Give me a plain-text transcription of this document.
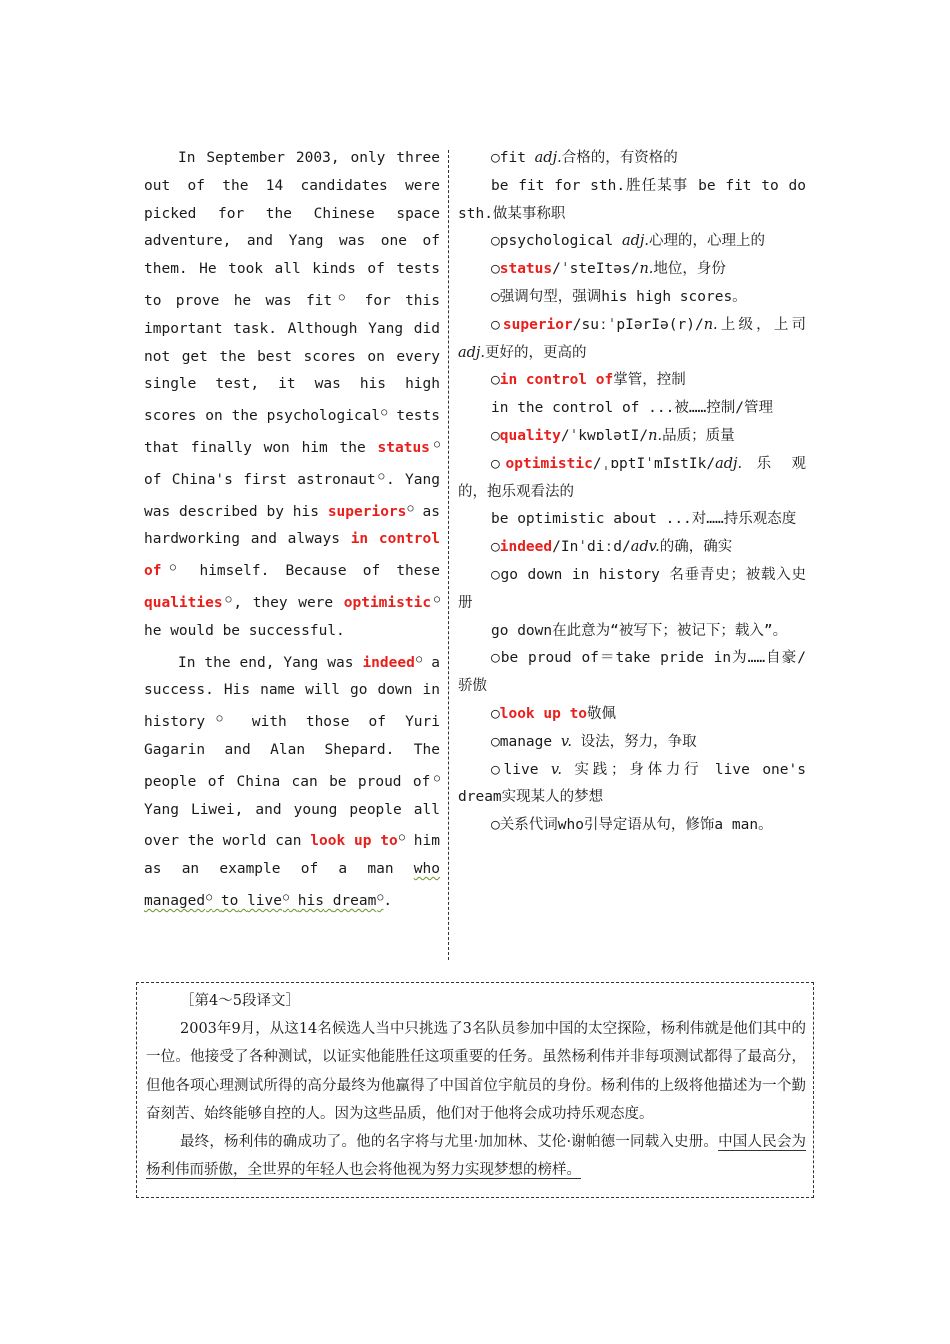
In September 2003, only three out of the 14 candidates were picked for the Chinese space adventure, and Yang was one of them. He took all kinds of tests to prove he was fit○ for this important task. Although Yang did not get the best scores on every single test, it was his high scores on the psychological○ tests that finally won him the status○ of China's first astronaut○. Yang was described by his superiors○ as hardworking and always in control of○ himself. Because of these qualities○, they were optimistic○ he would be successful.

In the end, Yang was indeed○ a success. His name will go down in history○ with those of Yuri Gagarin and Alan Shepard. The people of China can be proud of○ Yang Liwei, and young people all over the world can look up to○ him as an example of a man who managed○ to live○ his dream○.

○fit adj.合格的，有资格的

be fit for sth.胜任某事 be fit to do sth.做某事称职

○psychological adj.心理的，心理上的

○status/ˈsteItəs/n.地位，身份

○强调句型，强调his high scores。

○superior/suːˈpIərIə(r)/n.上级，上司 adj.更好的，更高的

○in control of掌管，控制

in the control of ...被……控制/管理

○quality/ˈkwɒlətI/n.品质；质量

○optimistic/ˌɒptIˈmIstIk/adj. 乐 观的，抱乐观看法的

be optimistic about ...对……持乐观态度

○indeed/Inˈdiːd/adv.的确，确实

○go down in history 名垂青史；被载入史册

go down在此意为“被写下；被记下；载入”。

○be proud of＝take pride in为……自豪/骄傲

○look up to敬佩

○manage v. 设法，努力，争取

○live v. 实践；身体力行 live one's dream实现某人的梦想

○关系代词who引导定语从句，修饰a man。

［第4～5段译文］

2003年9月，从这14名候选人当中只挑选了3名队员参加中国的太空探险，杨利伟就是他们其中的一位。他接受了各种测试，以证实他能胜任这项重要的任务。虽然杨利伟并非每项测试都得了最高分，但他各项心理测试所得的高分最终为他赢得了中国首位宇航员的身份。杨利伟的上级将他描述为一个勤奋刻苦、始终能够自控的人。因为这些品质，他们对于他将会成功持乐观态度。

最终，杨利伟的确成功了。他的名字将与尤里·加加林、艾伦·谢帕德一同载入史册。中国人民会为杨利伟而骄傲，全世界的年轻人也会将他视为努力实现梦想的榜样。
